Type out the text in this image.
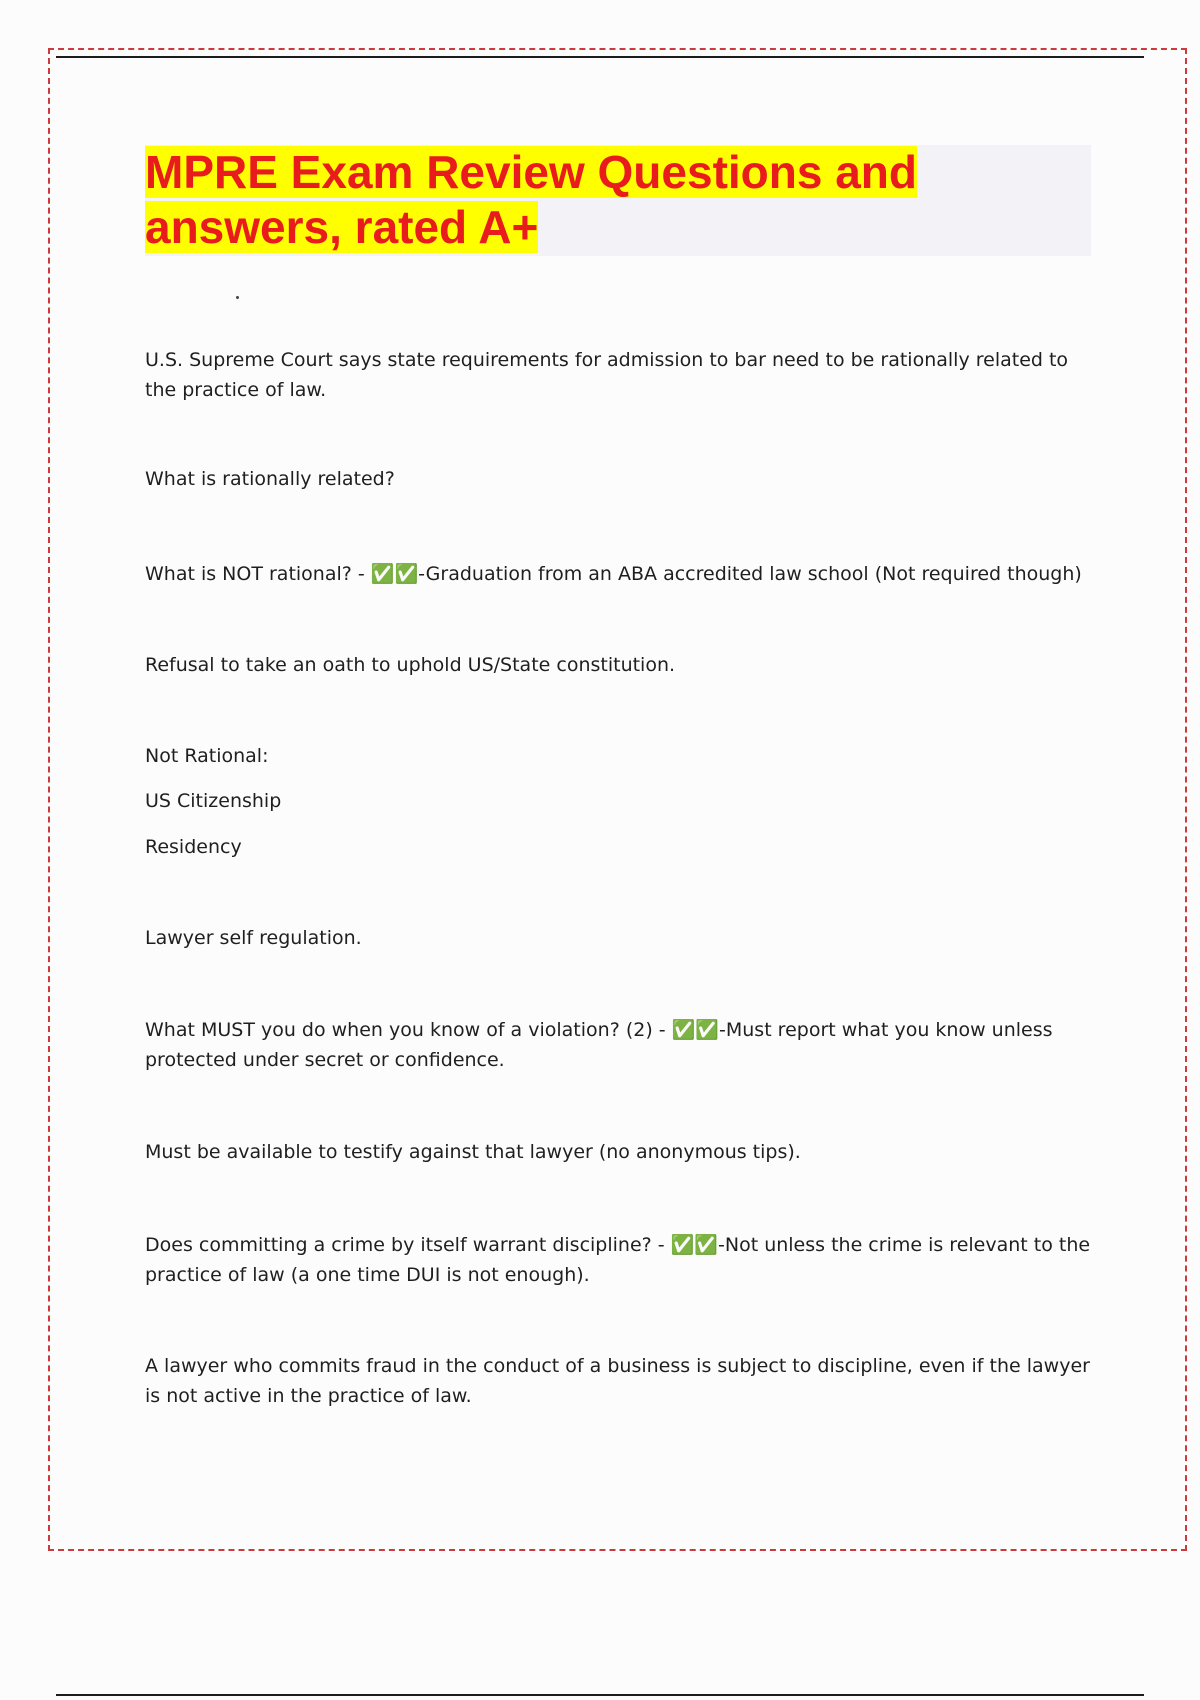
MPRE Exam Review Questions and
answers, rated A+

U.S. Supreme Court says state requirements for admission to bar need to be rationally related to the practice of law.

What is rationally related?

What is NOT rational? - ✅✅-Graduation from an ABA accredited law school (Not required though)

Refusal to take an oath to uphold US/State constitution.

Not Rational:

US Citizenship

Residency

Lawyer self regulation.

What MUST you do when you know of a violation? (2) - ✅✅-Must report what you know unless protected under secret or confidence.

Must be available to testify against that lawyer (no anonymous tips).

Does committing a crime by itself warrant discipline? - ✅✅-Not unless the crime is relevant to the practice of law (a one time DUI is not enough).

A lawyer who commits fraud in the conduct of a business is subject to discipline, even if the lawyer is not active in the practice of law.
